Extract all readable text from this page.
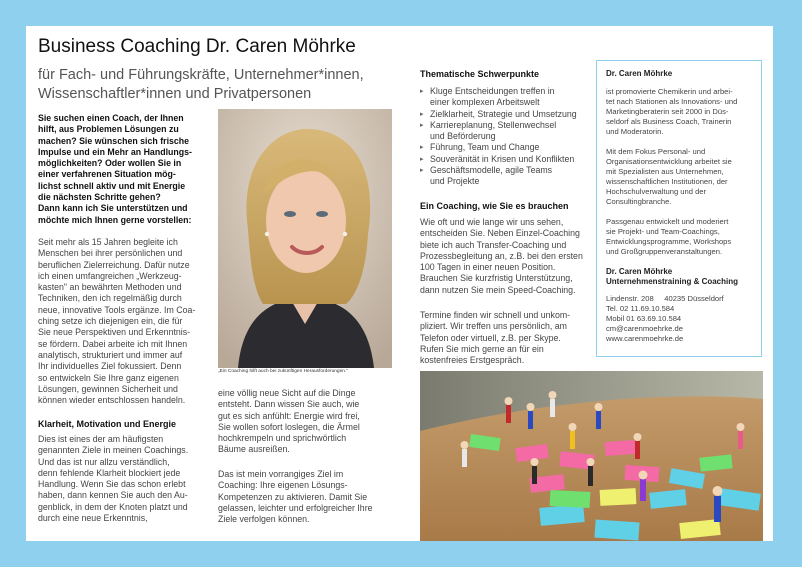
Business Coaching Dr. Caren Möhrke
für Fach- und Führungskräfte, Unternehmer*innen,
Wissenschaftler*innen und Privatpersonen
Sie suchen einen Coach, der Ihnen
hilft, aus Problemen Lösungen zu
machen? Sie wünschen sich frische
Impulse und ein Mehr an Handlungs-
möglichkeiten? Oder wollen Sie in
einer verfahrenen Situation mög-
lichst schnell aktiv und mit Energie
die nächsten Schritte gehen?
Dann kann ich Sie unterstützen und
möchte mich Ihnen gerne vorstellen:
Seit mehr als 15 Jahren begleite ich
Menschen bei ihrer persönlichen und
beruflichen Zielerreichung. Dafür nutze
ich einen umfangreichen „Werkzeug-
kasten" an bewährten Methoden und
Techniken, den ich regelmäßig durch
neue, innovative Tools ergänze. Im Coa-
ching setze ich diejenigen ein, die für
Sie neue Perspektiven und Erkenntnis-
se fördern. Dabei arbeite ich mit Ihnen
analytisch, strukturiert und immer auf
Ihr individuelles Ziel fokussiert. Denn
so entwickeln Sie Ihre ganz eigenen
Lösungen, gewinnen Sicherheit und
können wieder entschlossen handeln.
Klarheit, Motivation und Energie
Dies ist eines der am häufigsten
genannten Ziele in meinen Coachings.
Und das ist nur allzu verständlich,
denn fehlende Klarheit blockiert jede
Handlung. Wenn Sie das schon erlebt
haben, dann kennen Sie auch den Au-
genblick, in dem der Knoten platzt und
durch eine neue Erkenntnis,
„Ein Coaching hilft auch bei zukünftigen Herausforderungen."
eine völlig neue Sicht auf die Dinge
entsteht. Dann wissen Sie auch, wie
gut es sich anfühlt: Energie wird frei,
Sie wollen sofort loslegen, die Ärmel
hochkrempeln und sprichwörtlich
Bäume ausreißen.
Das ist mein vorrangiges Ziel im
Coaching: Ihre eigenen Lösungs-
Kompetenzen zu aktivieren. Damit Sie
gelassen, leichter und erfolgreicher Ihre
Ziele verfolgen können.
Thematische Schwerpunkte
▸ Kluge Entscheidungen treffen in
einer komplexen Arbeitswelt
▸ Zielklarheit, Strategie und Umsetzung
▸ Karriereplanung, Stellenwechsel
und Beförderung
▸ Führung, Team und Change
▸ Souveränität in Krisen und Konflikten
▸ Geschäftsmodelle, agile Teams
und Projekte
Ein Coaching, wie Sie es brauchen
Wie oft und wie lange wir uns sehen,
entscheiden Sie. Neben Einzel-Coaching
biete ich auch Transfer-Coaching und
Prozessbegleitung an, z.B. bei den ersten
100 Tagen in einer neuen Position.
Brauchen Sie kurzfristig Unterstützung,
dann nutzen Sie mein Speed-Coaching.
Termine finden wir schnell und unkom-
pliziert. Wir treffen uns persönlich, am
Telefon oder virtuell, z.B. per Skype.
Rufen Sie mich gerne an für ein
kostenfreies Erstgespräch.
Dr. Caren Möhrke
ist promovierte Chemikerin und arbei-
tet nach Stationen als Innovations- und
Marketingberaterin seit 2000 in Düs-
seldorf als Business Coach, Trainerin
und Moderatorin.
Mit dem Fokus Personal- und
Organisationsentwicklung arbeitet sie
mit Spezialisten aus Unternehmen,
wissenschaftlichen Institutionen, der
Hochschulverwaltung und der
Consultingbranche.
Passgenau entwickelt und moderiert
sie Projekt- und Team-Coachings,
Entwicklungsprogramme, Workshops
und Großgruppenveranstaltungen.
Dr. Caren Möhrke
Unternehmenstraining & Coaching
Lindenstr. 208     40235 Düsseldorf
Tel. 02 11.69.10.584
Mobil 01 63.69.10.584
cm@carenmoehrke.de
www.carenmoehrke.de
